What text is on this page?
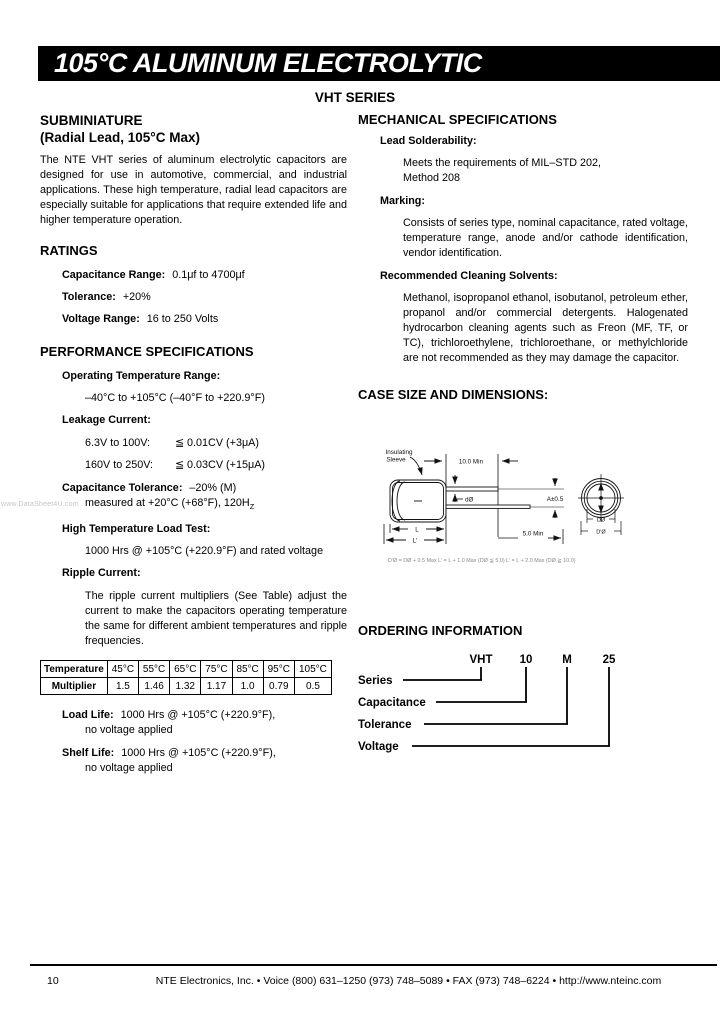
www.DataSheet4U.com
105°C ALUMINUM ELECTROLYTIC
VHT SERIES
SUBMINIATURE
(Radial Lead, 105°C Max)

The NTE VHT series of aluminum electrolytic capacitors are designed for use in automotive, commercial, and industrial applications. These high temperature, radial lead capacitors are especially suitable for applications that require extended life and higher temperature operation.

RATINGS

Capacitance Range: 0.1μf to 4700μf

Tolerance: +20%

Voltage Range: 16 to 250 Volts

PERFORMANCE SPECIFICATIONS

Operating Temperature Range:

–40°C to +105°C (–40°F to +220.9°F)

Leakage Current:

6.3V to 100V: ≦ 0.01CV (+3μA)

160V to 250V: ≦ 0.03CV (+15μA)

Capacitance Tolerance: –20% (M)

measured at +20°C (+68°F), $120H_Z$

High Temperature Load Test:

1000 Hrs @ +105°C (+220.9°F) and rated voltage

Ripple Current:

The ripple current multipliers (See Table) adjust the current to make the capacitors operating temperature the same for different ambient temperatures and ripple frequencies.

Temperature	45°C	55°C	65°C	75°C	85°C	95°C	105°C
Multiplier	1.5	1.46	1.32	1.17	1.0	0.79	0.5

Load Life: 1000 Hrs @ +105°C (+220.9°F),

no voltage applied

Shelf Life: 1000 Hrs @ +105°C (+220.9°F),

no voltage applied

MECHANICAL SPECIFICATIONS

Lead Solderability:

Meets the requirements of MIL–STD 202,

Method 208

Marking:

Consists of series type, nominal capacitance, rated voltage, temperature range, anode and/or cathode identification, vendor identification.

Recommended Cleaning Solvents:

Methanol, isopropanol ethanol, isobutanol, petroleum ether, propanol and/or commercial detergents. Halogenated hydrocarbon cleaning agents such as Freon (MF, TF, or TC), trichloroethylene, trichloroethane, or methylchloride are not recommended as they may damage the capacitor.

CASE SIZE AND DIMENSIONS:
Insulating
Sleeve	10.0 Min
dØ	A±0.5
L
L'
5.0 Min
DØ
D'Ø
D'Ø = DØ + 0.5 Max L' = L + 1.0 Max (DØ ≦ 5.0) L' = L + 2.0 Max (DØ ≧ 10.0)
ORDERING INFORMATION
VHT 10	M	25
Series
Capacitance
Tolerance
Voltage
10	NTE Electronics, Inc. • Voice (800) 631–1250 (973) 748–5089 • FAX (973) 748–6224 • http://www.nteinc.com
